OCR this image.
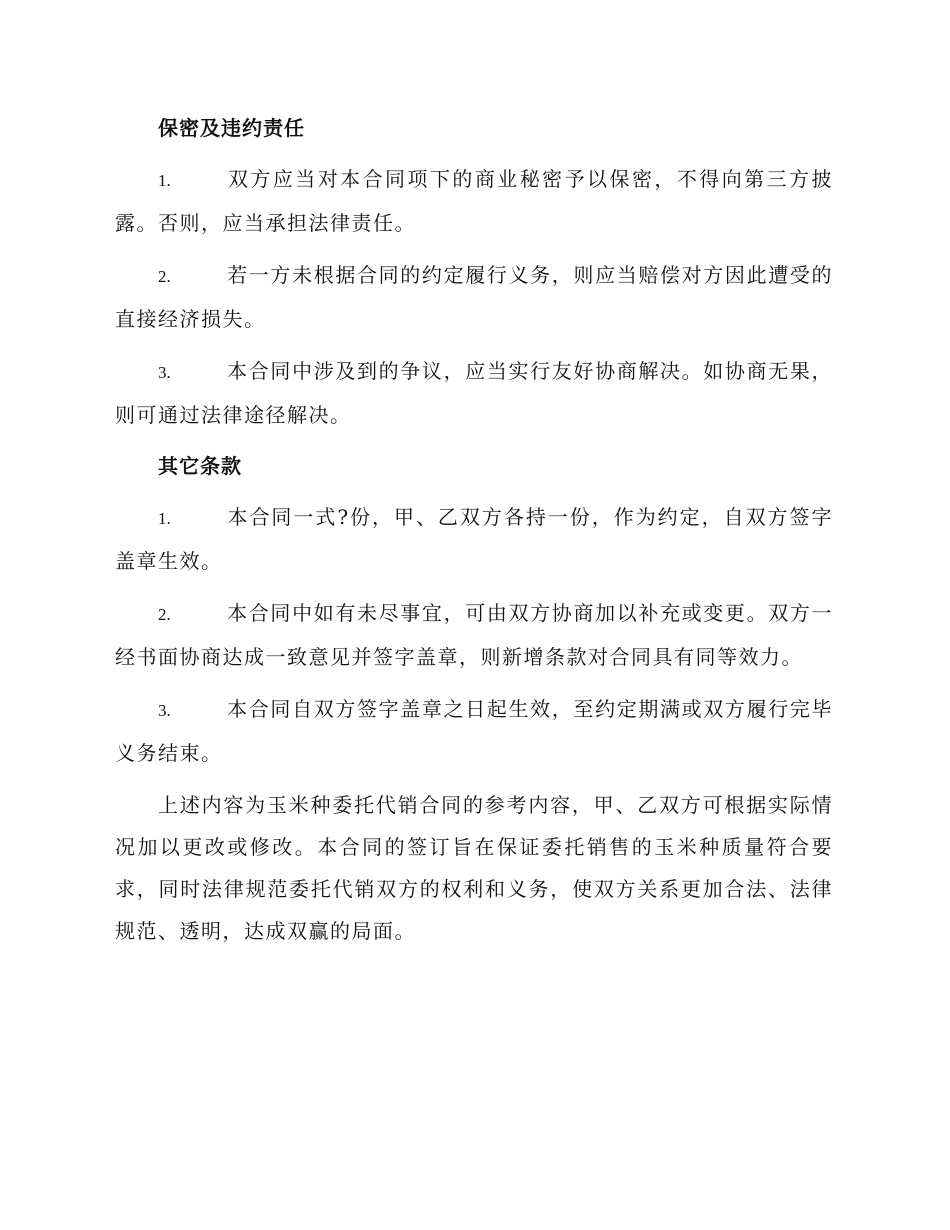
保密及违约责任
1.	双方应当对本合同项下的商业秘密予以保密，不得向第三方披露。否则，应当承担法律责任。
2.	若一方未根据合同的约定履行义务，则应当赔偿对方因此遭受的直接经济损失。
3.	本合同中涉及到的争议，应当实行友好协商解决。如协商无果，则可通过法律途径解决。
其它条款
1.	本合同一式?份，甲、乙双方各持一份，作为约定，自双方签字盖章生效。
2.	本合同中如有未尽事宜，可由双方协商加以补充或变更。双方一经书面协商达成一致意见并签字盖章，则新增条款对合同具有同等效力。
3.	本合同自双方签字盖章之日起生效，至约定期满或双方履行完毕义务结束。

上述内容为玉米种委托代销合同的参考内容，甲、乙双方可根据实际情况加以更改或修改。本合同的签订旨在保证委托销售的玉米种质量符合要求，同时法律规范委托代销双方的权利和义务，使双方关系更加合法、法律规范、透明，达成双赢的局面。
